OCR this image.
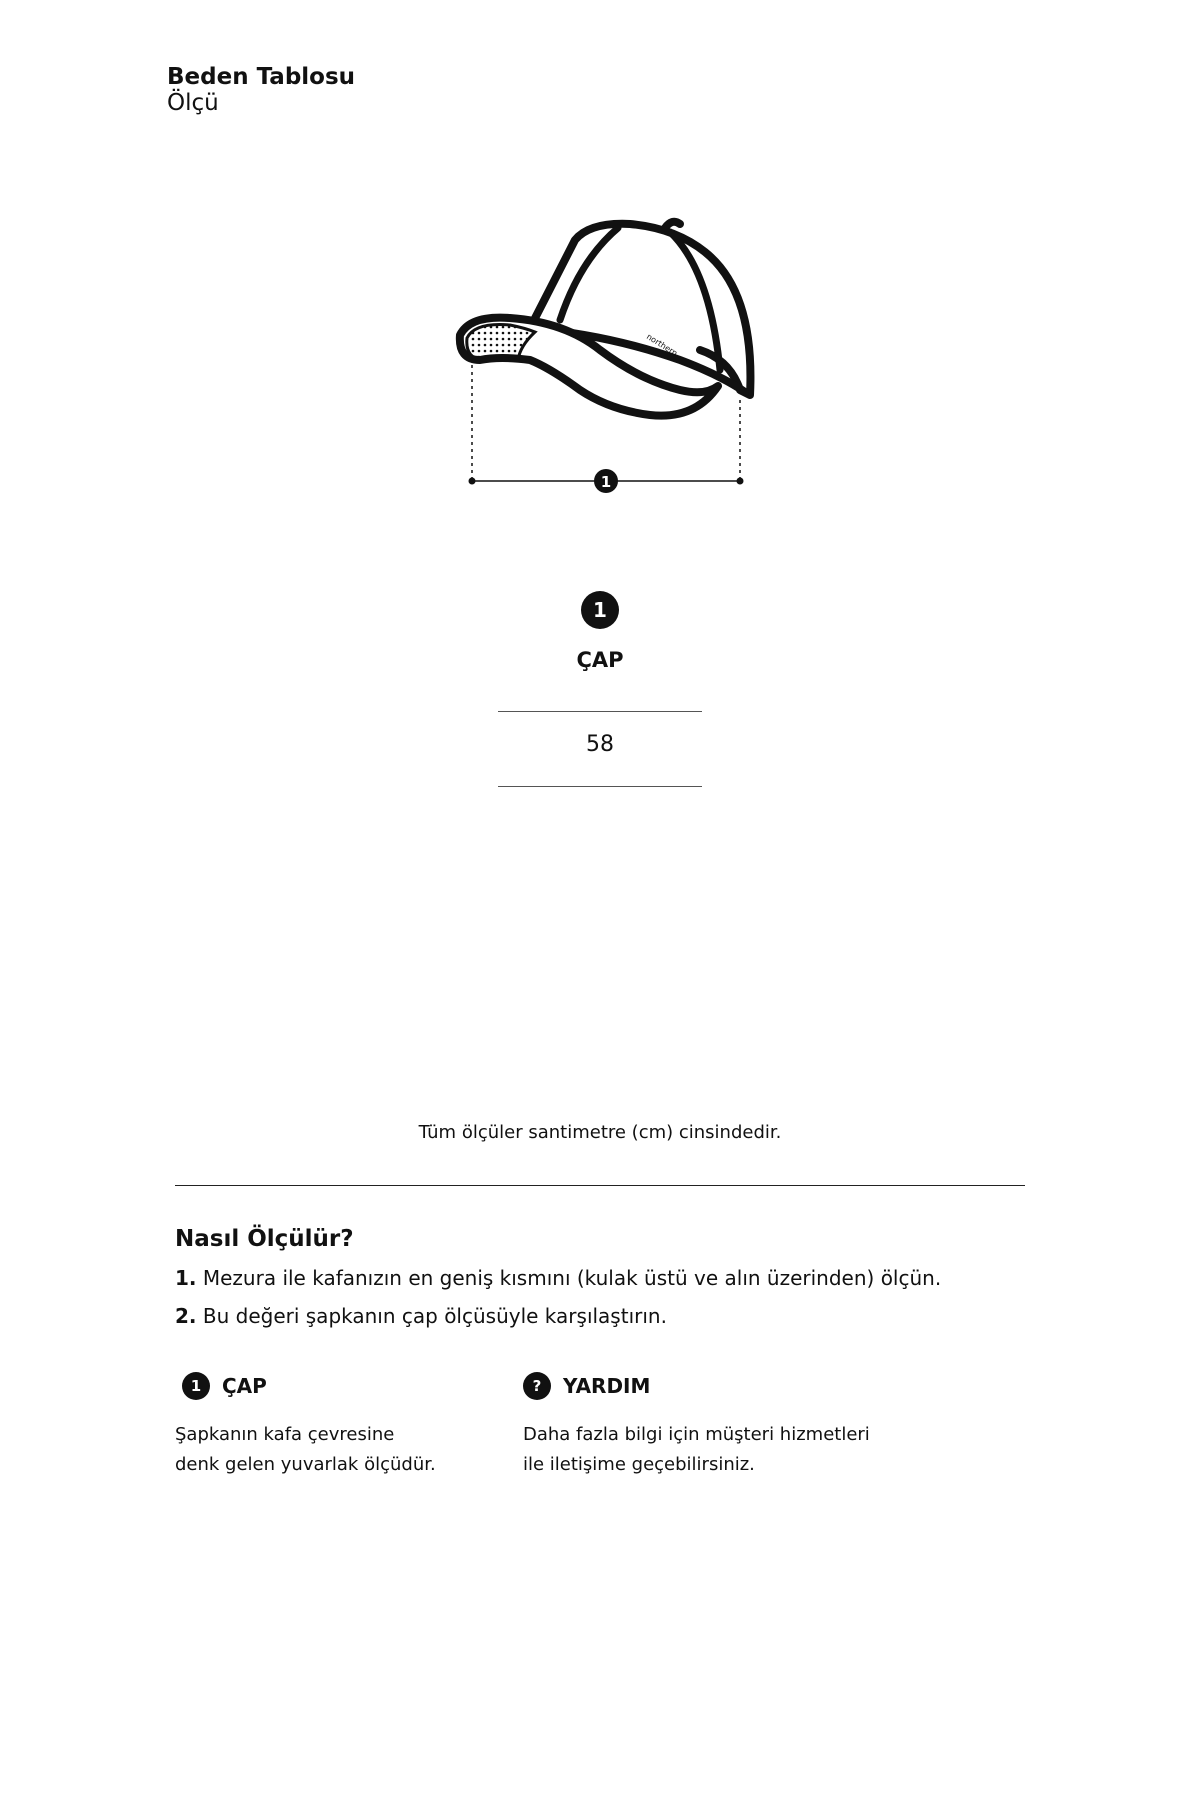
Beden Tablosu
Ölçü
northern
1
1
ÇAP
58
Tüm ölçüler santimetre (cm) cinsindedir.
Nasıl Ölçülür?
1. Mezura ile kafanızın en geniş kısmını (kulak üstü ve alın üzerinden) ölçün.
2. Bu değeri şapkanın çap ölçüsüyle karşılaştırın.
1	ÇAP
Şapkanın kafa çevresine
denk gelen yuvarlak ölçüdür.
?	YARDIM
Daha fazla bilgi için müşteri hizmetleri
ile iletişime geçebilirsiniz.
